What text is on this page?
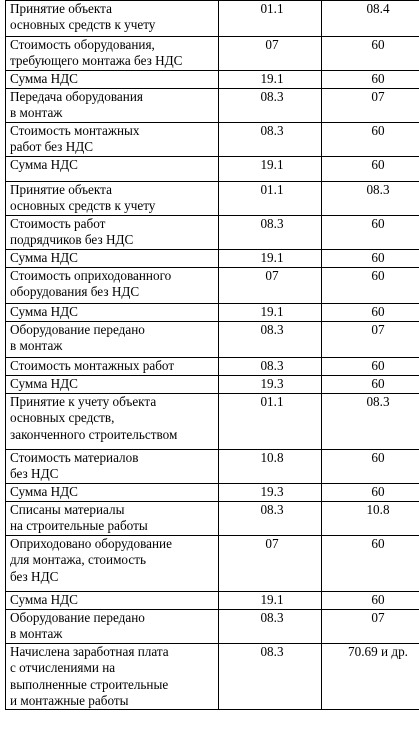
Принятие объекта
основных средств к учету	01.1	08.4
Стоимость оборудования,
требующего монтажа без НДС	07	60
Сумма НДС	19.1	60
Передача оборудования
в монтаж	08.3	07
Стоимость монтажных
работ без НДС	08.3	60
Сумма НДС	19.1	60
Принятие объекта
основных средств к учету	01.1	08.3
Стоимость работ
подрядчиков без НДС	08.3	60
Сумма НДС	19.1	60
Стоимость оприходованного
оборудования без НДС	07	60
Сумма НДС	19.1	60
Оборудование передано
в монтаж	08.3	07
Стоимость монтажных работ	08.3	60
Сумма НДС	19.3	60
Принятие к учету объекта
основных средств,
законченного строительством	01.1	08.3
Стоимость материалов
без НДС	10.8	60
Сумма НДС	19.3	60
Списаны материалы
на строительные работы	08.3	10.8
Оприходовано оборудование
для монтажа, стоимость
без НДС	07	60
Сумма НДС	19.1	60
Оборудование передано
в монтаж	08.3	07
Начислена заработная плата
с отчислениями на
выполненные строительные
и монтажные работы	08.3	70.69 и др.
